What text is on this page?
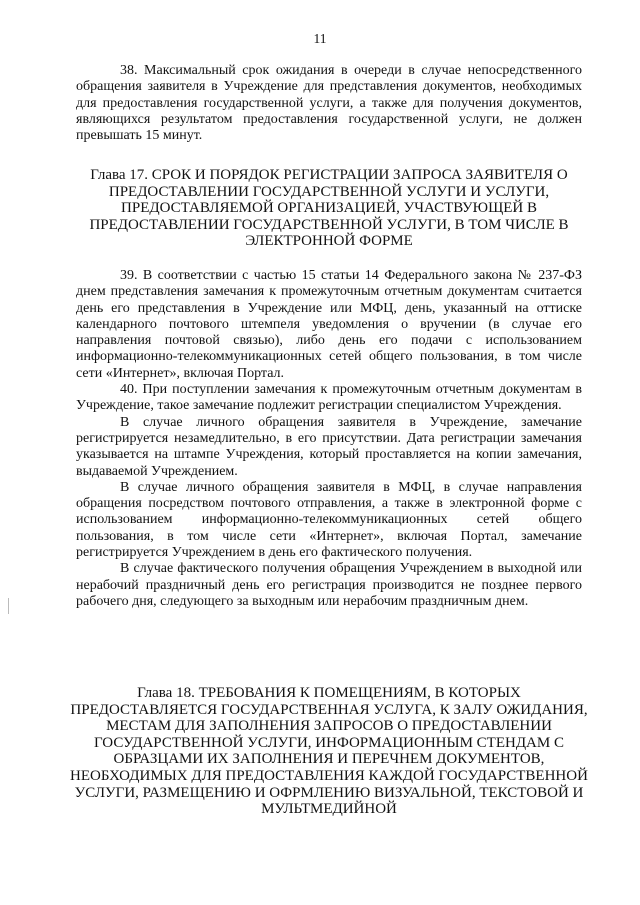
11

38. Максимальный срок ожидания в очереди в случае непосредственного обращения заявителя в Учреждение для представления документов, необходимых для предоставления государственной услуги, а также для получения документов, являющихся результатом предоставления государственной услуги, не должен превышать 15 минут.

Глава 17. СРОК И ПОРЯДОК РЕГИСТРАЦИИ ЗАПРОСА ЗАЯВИТЕЛЯ О ПРЕДОСТАВЛЕНИИ ГОСУДАРСТВЕННОЙ УСЛУГИ И УСЛУГИ, ПРЕДОСТАВЛЯЕМОЙ ОРГАНИЗАЦИЕЙ, УЧАСТВУЮЩЕЙ В ПРЕДОСТАВЛЕНИИ ГОСУДАРСТВЕННОЙ УСЛУГИ, В ТОМ ЧИСЛЕ В ЭЛЕКТРОННОЙ ФОРМЕ

39. В соответствии с частью 15 статьи 14 Федерального закона № 237-ФЗ днем представления замечания к промежуточным отчетным документам считается день его представления в Учреждение или МФЦ, день, указанный на оттиске календарного почтового штемпеля уведомления о вручении (в случае его направления почтовой связью), либо день его подачи с использованием информационно-телекоммуникационных сетей общего пользования, в том числе сети «Интернет», включая Портал.

40. При поступлении замечания к промежуточным отчетным документам в Учреждение, такое замечание подлежит регистрации специалистом Учреждения.

В случае личного обращения заявителя в Учреждение, замечание регистрируется незамедлительно, в его присутствии. Дата регистрации замечания указывается на штампе Учреждения, который проставляется на копии замечания, выдаваемой Учреждением.

В случае личного обращения заявителя в МФЦ, в случае направления обращения посредством почтового отправления, а также в электронной форме с использованием информационно-телекоммуникационных сетей общего пользования, в том числе сети «Интернет», включая Портал, замечание регистрируется Учреждением в день его фактического получения.

В случае фактического получения обращения Учреждением в выходной или нерабочий праздничный день его регистрация производится не позднее первого рабочего дня, следующего за выходным или нерабочим праздничным днем.

Глава 18. ТРЕБОВАНИЯ К ПОМЕЩЕНИЯМ, В КОТОРЫХ ПРЕДОСТАВЛЯЕТСЯ ГОСУДАРСТВЕННАЯ УСЛУГА, К ЗАЛУ ОЖИДАНИЯ, МЕСТАМ ДЛЯ ЗАПОЛНЕНИЯ ЗАПРОСОВ О ПРЕДОСТАВЛЕНИИ ГОСУДАРСТВЕННОЙ УСЛУГИ, ИНФОРМАЦИОННЫМ СТЕНДАМ С ОБРАЗЦАМИ ИХ ЗАПОЛНЕНИЯ И ПЕРЕЧНЕМ ДОКУМЕНТОВ, НЕОБХОДИМЫХ ДЛЯ ПРЕДОСТАВЛЕНИЯ КАЖДОЙ ГОСУДАРСТВЕННОЙ УСЛУГИ, РАЗМЕЩЕНИЮ И ОФРМЛЕНИЮ ВИЗУАЛЬНОЙ, ТЕКСТОВОЙ И МУЛЬТМЕДИЙНОЙ
